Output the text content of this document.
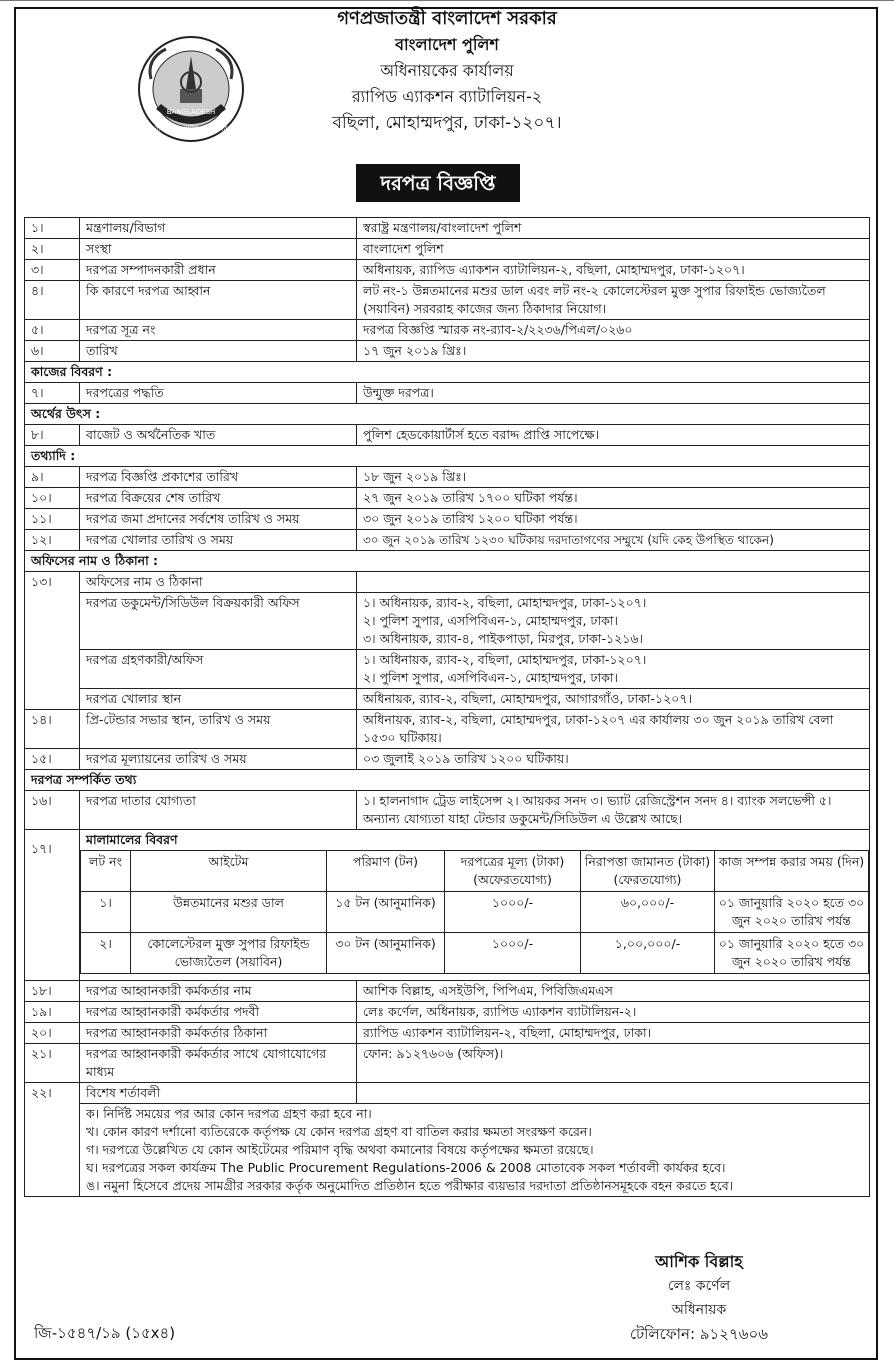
গণপ্রজাতন্ত্রী বাংলাদেশ সরকার
বাংলাদেশ পুলিশ
অধিনায়কের কার্যালয়
র‍্যাপিড এ্যাকশন ব্যাটালিয়ন-২
বছিলা, মোহাম্মদপুর, ঢাকা-১২০৭।
BANGLADESH
বাংলাদেশ আমার অহংকার
দরপত্র বিজ্ঞপ্তি
১।	মন্ত্রণালয়/বিভাগ	স্বরাষ্ট্র মন্ত্রণালয়/বাংলাদেশ পুলিশ
২।	সংস্থা	বাংলাদেশ পুলিশ
৩।	দরপত্র সম্পাদনকারী প্রধান	অধিনায়ক, র‍্যাপিড এ্যাকশন ব্যাটালিয়ন-২, বছিলা, মোহাম্মদপুর, ঢাকা-১২০৭।
৪।	কি কারণে দরপত্র আহ্বান	লট নং-১ উন্নতমানের মশুর ডাল এবং লট নং-২ কোলেস্টেরল মুক্ত সুপার রিফাইন্ড ভোজ্যতৈল (সয়াবিন) সরবরাহ কাজের জন্য ঠিকাদার নিয়োগ।
৫।	দরপত্র সূত্র নং	দরপত্র বিজ্ঞপ্তি স্মারক নং-র‍্যাব-২/২২৩৬/পিএল/০২৬০
৬।	তারিখ	১৭ জুন ২০১৯ খ্রিঃ।
কাজের বিবরণ :
৭।	দরপত্রের পদ্ধতি	উন্মুক্ত দরপত্র।
অর্থের উৎস :
৮।	বাজেট ও অর্থনৈতিক খাত	পুলিশ হেডকোয়ার্টার্স হতে বরাদ্দ প্রাপ্তি সাপেক্ষে।
তথ্যাদি :
৯।	দরপত্র বিজ্ঞপ্তি প্রকাশের তারিখ	১৮ জুন ২০১৯ খ্রিঃ।
১০।	দরপত্র বিক্রয়ের শেষ তারিখ	২৭ জুন ২০১৯ তারিখ ১৭০০ ঘটিকা পর্যন্ত।
১১।	দরপত্র জমা প্রদানের সর্বশেষ তারিখ ও সময়	৩০ জুন ২০১৯ তারিখ ১২০০ ঘটিকা পর্যন্ত।
১২।	দরপত্র খোলার তারিখ ও সময়	৩০ জুন ২০১৯ তারিখ ১২৩০ ঘটিকায় দরদাতাগণের সম্মুখে (যদি কেহ উপস্থিত থাকেন)
অফিসের নাম ও ঠিকানা :
১৩।	অফিসের নাম ও ঠিকানা	
দরপত্র ডকুমেন্ট/সিডিউল বিক্রয়কারী অফিস	১। অধিনায়ক, র‍্যাব-২, বছিলা, মোহাম্মদপুর, ঢাকা-১২০৭।
২। পুলিশ সুপার, এসপিবিএন-১, মোহাম্মদপুর, ঢাকা।
৩। অধিনায়ক, র‍্যাব-৪, পাইকপাড়া, মিরপুর, ঢাকা-১২১৬।

দরপত্র গ্রহণকারী/অফিস	১। অধিনায়ক, র‍্যাব-২, বছিলা, মোহাম্মদপুর, ঢাকা-১২০৭।
২। পুলিশ সুপার, এসপিবিএন-১, মোহাম্মদপুর, ঢাকা।

দরপত্র খোলার স্থান	অধিনায়ক, র‍্যাব-২, বছিলা, মোহাম্মদপুর, আগারগাঁও, ঢাকা-১২০৭।
১৪।	প্রি-টেন্ডার সভার স্থান, তারিখ ও সময়	অধিনায়ক, র‍্যাব-২, বছিলা, মোহাম্মদপুর, ঢাকা-১২০৭ এর কার্যালয় ৩০ জুন ২০১৯ তারিখ বেলা ১৫৩০ ঘটিকায়।
১৫।	দরপত্র মূল্যায়নের তারিখ ও সময়	০৩ জুলাই ২০১৯ তারিখ ১২০০ ঘটিকায়।
দরপত্র সম্পর্কিত তথ্য
১৬।	দরপত্র দাতার যোগ্যতা	১। হালনাগাদ ট্রেড লাইসেন্স ২। আয়কর সনদ ৩। ভ্যাট রেজিস্ট্রেশন সনদ ৪। ব্যাংক সলভেন্সী ৫। অন্যান্য যোগ্যতা যাহা টেন্ডার ডকুমেন্ট/সিডিউল এ উল্লেখ আছে।
১৭।	
মালামালের বিবরণ
লট নং	আইটেম	পরিমাণ (টন)	দরপত্রের মূল্য (টাকা) (অফেরতযোগ্য)	নিরাপত্তা জামানত (টাকা) (ফেরতযোগ্য)	কাজ সম্পন্ন করার সময় (দিন)
১।	উন্নতমানের মশুর ডাল	১৫ টন (আনুমানিক)	১০০০/-	৬০,০০০/-	০১ জানুয়ারি ২০২০ হতে ৩০ জুন ২০২০ তারিখ পর্যন্ত
২।	কোলেস্টেরল মুক্ত সুপার রিফাইন্ড ভোজ্যতৈল (সয়াবিন)	৩০ টন (আনুমানিক)	১০০০/-	১,০০,০০০/-	০১ জানুয়ারি ২০২০ হতে ৩০ জুন ২০২০ তারিখ পর্যন্ত

১৮।	দরপত্র আহ্বানকারী কর্মকর্তার নাম	আশিক বিল্লাহ, এসইউপি, পিপিএম, পিবিজিএমএস
১৯।	দরপত্র আহ্বানকারী কর্মকর্তার পদবী	লেঃ কর্ণেল, অধিনায়ক, র‍্যাপিড এ্যাকশন ব্যাটালিয়ন-২।
২০।	দরপত্র আহ্বানকারী কর্মকর্তার ঠিকানা	র‍্যাপিড এ্যাকশন ব্যাটালিয়ন-২, বছিলা, মোহাম্মদপুর, ঢাকা।
২১।	দরপত্র আহ্বানকারী কর্মকর্তার সাথে যোগাযোগের মাধ্যম	ফোন: ৯১২৭৬০৬ (অফিস)।
২২।	বিশেষ শর্তাবলী	

ক। নির্দিষ্ট সময়ের পর আর কোন দরপত্র গ্রহণ করা হবে না।
খ। কোন কারণ দর্শানো ব্যতিরেকে কর্তৃপক্ষ যে কোন দরপত্র গ্রহণ বা বাতিল করার ক্ষমতা সংরক্ষণ করেন।
গ। দরপত্রে উল্লেখিত যে কোন আইটেমের পরিমাণ বৃদ্ধি অথবা কমানোর বিষয়ে কর্তৃপক্ষের ক্ষমতা রয়েছে।
ঘ। দরপত্রের সকল কার্যক্রম The Public Procurement Regulations-2006 & 2008 মোতাবেক সকল শর্তাবলী কার্যকর হবে।
ঙ। নমুনা হিসেবে প্রদেয় সামগ্রীর সরকার কর্তৃক অনুমোদিত প্রতিষ্ঠান হতে পরীক্ষার ব্যয়ভার দরদাতা প্রতিষ্ঠানসমূহকে বহন করতে হবে।
আশিক বিল্লাহ
লেঃ কর্ণেল
অধিনায়ক
টেলিফোন: ৯১২৭৬০৬
জি-১৫৪৭/১৯ (১৫x৪)
